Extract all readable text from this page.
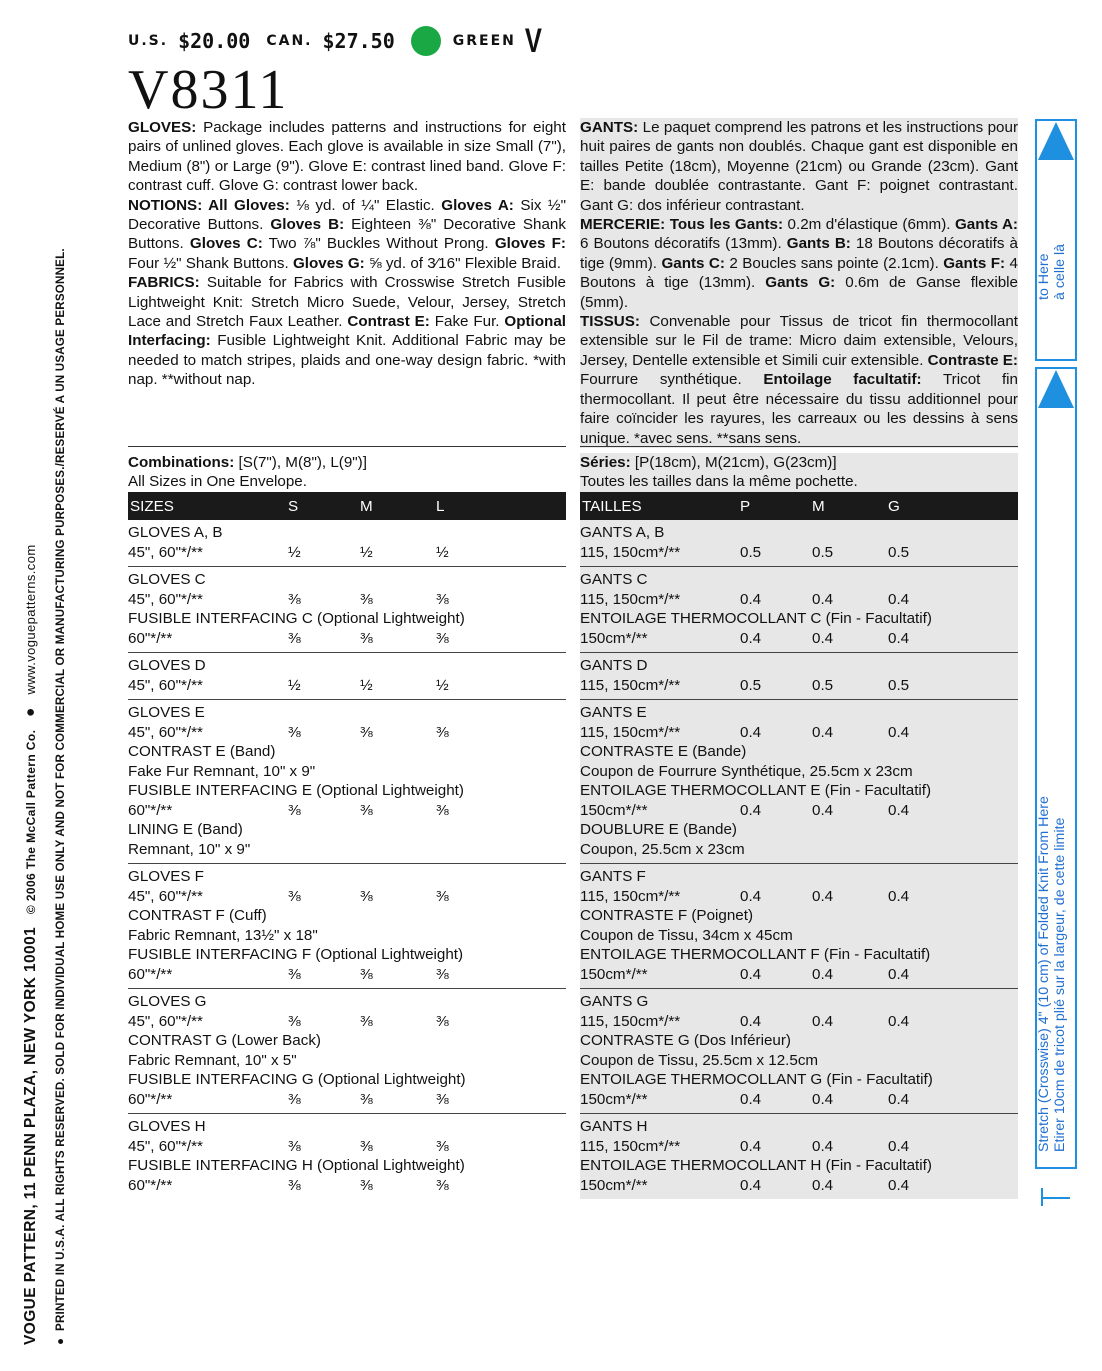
U.S. $20.00 CAN. $27.50	GREEN V
V8311

GLOVES: Package includes patterns and instructions for eight pairs of unlined gloves. Each glove is available in size Small (7"), Medium (8") or Large (9"). Glove E: contrast lined band. Glove F: contrast cuff. Glove G: contrast lower back.

NOTIONS: All Gloves: ⅛ yd. of ¼" Elastic. Gloves A: Six ½" Decorative Buttons. Gloves B: Eighteen ⅜" Decorative Shank Buttons. Gloves C: Two ⅞" Buckles Without Prong. Gloves F: Four ½" Shank Buttons. Gloves G: ⅝ yd. of 3⁄16" Flexible Braid.

FABRICS: Suitable for Fabrics with Crosswise Stretch Fusible Lightweight Knit: Stretch Micro Suede, Velour, Jersey, Stretch Lace and Stretch Faux Leather. Contrast E: Fake Fur. Optional Interfacing: Fusible Lightweight Knit. Additional Fabric may be needed to match stripes, plaids and one-way design fabric. *with nap. **without nap.

GANTS: Le paquet comprend les patrons et les instructions pour huit paires de gants non doublés. Chaque gant est disponible en tailles Petite (18cm), Moyenne (21cm) ou Grande (23cm). Gant E: bande doublée contrastante. Gant F: poignet contrastant. Gant G: dos inférieur contrastant.

MERCERIE: Tous les Gants: 0.2m d'élastique (6mm). Gants A: 6 Boutons décoratifs (13mm). Gants B: 18 Boutons décoratifs à tige (9mm). Gants C: 2 Boucles sans pointe (2.1cm). Gants F: 4 Boutons à tige (13mm). Gants G: 0.6m de Ganse flexible (5mm).

TISSUS: Convenable pour Tissus de tricot fin thermocollant extensible sur le Fil de trame: Micro daim extensible, Velours, Jersey, Dentelle extensible et Simili cuir extensible. Contraste E: Fourrure synthétique. Entoilage facultatif: Tricot fin thermocollant. Il peut être nécessaire du tissu additionnel pour faire coïncider les rayures, les carreaux ou les dessins à sens unique. *avec sens. **sans sens.

Combinations: [S(7"), M(8"), L(9")]
All Sizes in One Envelope.
Séries: [P(18cm), M(21cm), G(23cm)]
Toutes les tailles dans la même pochette.
SIZES	S	M	L
GLOVES A, B
45", 60"*/**	½	½	½
GLOVES C
45", 60"*/**	⅜	⅜	⅜
FUSIBLE INTERFACING C (Optional Lightweight)
60"*/**	⅜	⅜	⅜
GLOVES D
45", 60"*/**	½	½	½
GLOVES E
45", 60"*/**	⅜	⅜	⅜
CONTRAST E (Band)
Fake Fur Remnant, 10" x 9"
FUSIBLE INTERFACING E (Optional Lightweight)
60"*/**	⅜	⅜	⅜
LINING E (Band)
Remnant, 10" x 9"
GLOVES F
45", 60"*/**	⅜	⅜	⅜
CONTRAST F (Cuff)
Fabric Remnant, 13½" x 18"
FUSIBLE INTERFACING F (Optional Lightweight)
60"*/**	⅜	⅜	⅜
GLOVES G
45", 60"*/**	⅜	⅜	⅜
CONTRAST G (Lower Back)
Fabric Remnant, 10" x 5"
FUSIBLE INTERFACING G (Optional Lightweight)
60"*/**	⅜	⅜	⅜
GLOVES H
45", 60"*/**	⅜	⅜	⅜
FUSIBLE INTERFACING H (Optional Lightweight)
60"*/**	⅜	⅜	⅜
TAILLES	P	M	G
GANTS A, B
115, 150cm*/**	0.5	0.5	0.5
GANTS C
115, 150cm*/**	0.4	0.4	0.4
ENTOILAGE THERMOCOLLANT C (Fin - Facultatif)
150cm*/**	0.4	0.4	0.4
GANTS D
115, 150cm*/**	0.5	0.5	0.5
GANTS E
115, 150cm*/**	0.4	0.4	0.4
CONTRASTE E (Bande)
Coupon de Fourrure Synthétique, 25.5cm x 23cm
ENTOILAGE THERMOCOLLANT E (Fin - Facultatif)
150cm*/**	0.4	0.4	0.4
DOUBLURE E (Bande)
Coupon, 25.5cm x 23cm
GANTS F
115, 150cm*/**	0.4	0.4	0.4
CONTRASTE F (Poignet)
Coupon de Tissu, 34cm x 45cm
ENTOILAGE THERMOCOLLANT F (Fin - Facultatif)
150cm*/**	0.4	0.4	0.4
GANTS G
115, 150cm*/**	0.4	0.4	0.4
CONTRASTE G (Dos Inférieur)
Coupon de Tissu, 25.5cm x 12.5cm
ENTOILAGE THERMOCOLLANT G (Fin - Facultatif)
150cm*/**	0.4	0.4	0.4
GANTS H
115, 150cm*/**	0.4	0.4	0.4
ENTOILAGE THERMOCOLLANT H (Fin - Facultatif)
150cm*/**	0.4	0.4	0.4
VOGUE PATTERN, 11 PENN PLAZA, NEW YORK 10001 © 2006 The McCall Pattern Co. ● www.voguepatterns.com
●  PRINTED IN U.S.A. ALL RIGHTS RESERVED. SOLD FOR INDIVIDUAL HOME USE ONLY AND NOT FOR COMMERCIAL OR MANUFACTURING PURPOSES./RESERVÉ A UN USAGE PERSONNEL.	to Here à celle là
Stretch (Crosswise) 4" (10 cm) of Folded Knit From Here Etirer 10cm de tricot plié sur la largeur, de cette limite
